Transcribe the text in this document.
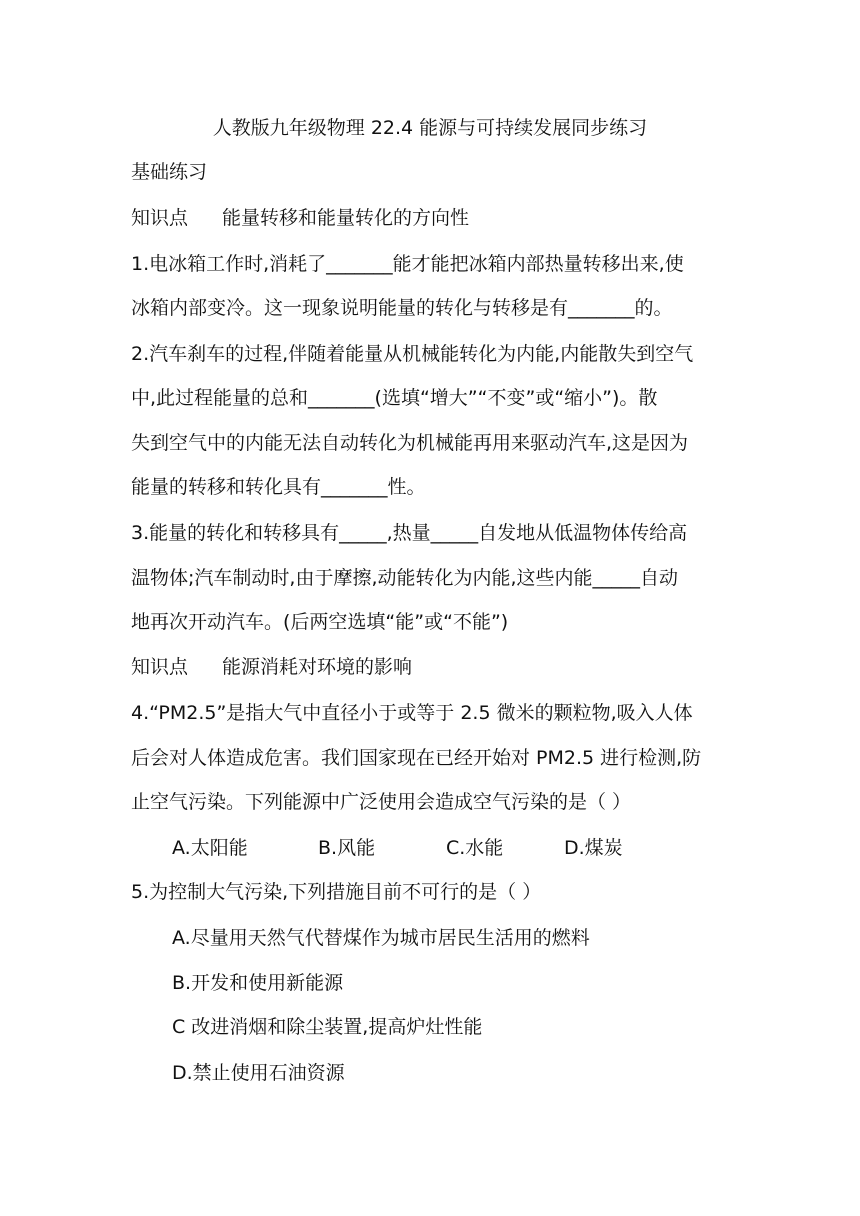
人教版九年级物理 22.4 能源与可持续发展同步练习
基础练习
知识点 能量转移和能量转化的方向性
1.电冰箱工作时,消耗了_______能才能把冰箱内部热量转移出来,使
冰箱内部变冷。这一现象说明能量的转化与转移是有_______的。
2.汽车刹车的过程,伴随着能量从机械能转化为内能,内能散失到空气
中,此过程能量的总和_______(选填“增大”“不变”或“缩小”)。散
失到空气中的内能无法自动转化为机械能再用来驱动汽车,这是因为
能量的转移和转化具有_______性。
3.能量的转化和转移具有_____,热量_____自发地从低温物体传给高
温物体;汽车制动时,由于摩擦,动能转化为内能,这些内能_____自动
地再次开动汽车。(后两空选填“能”或“不能”)
知识点 能源消耗对环境的影响
4.“PM2.5”是指大气中直径小于或等于 2.5 微米的颗粒物,吸入人体
后会对人体造成危害。我们国家现在已经开始对 PM2.5 进行检测,防
止空气污染。下列能源中广泛使用会造成空气污染的是（ ）
A.太阳能	B.风能	C.水能	D.煤炭
5.为控制大气污染,下列措施目前不可行的是（ ）
A.尽量用天然气代替煤作为城市居民生活用的燃料
B.开发和使用新能源
C 改进消烟和除尘装置,提高炉灶性能
D.禁止使用石油资源
